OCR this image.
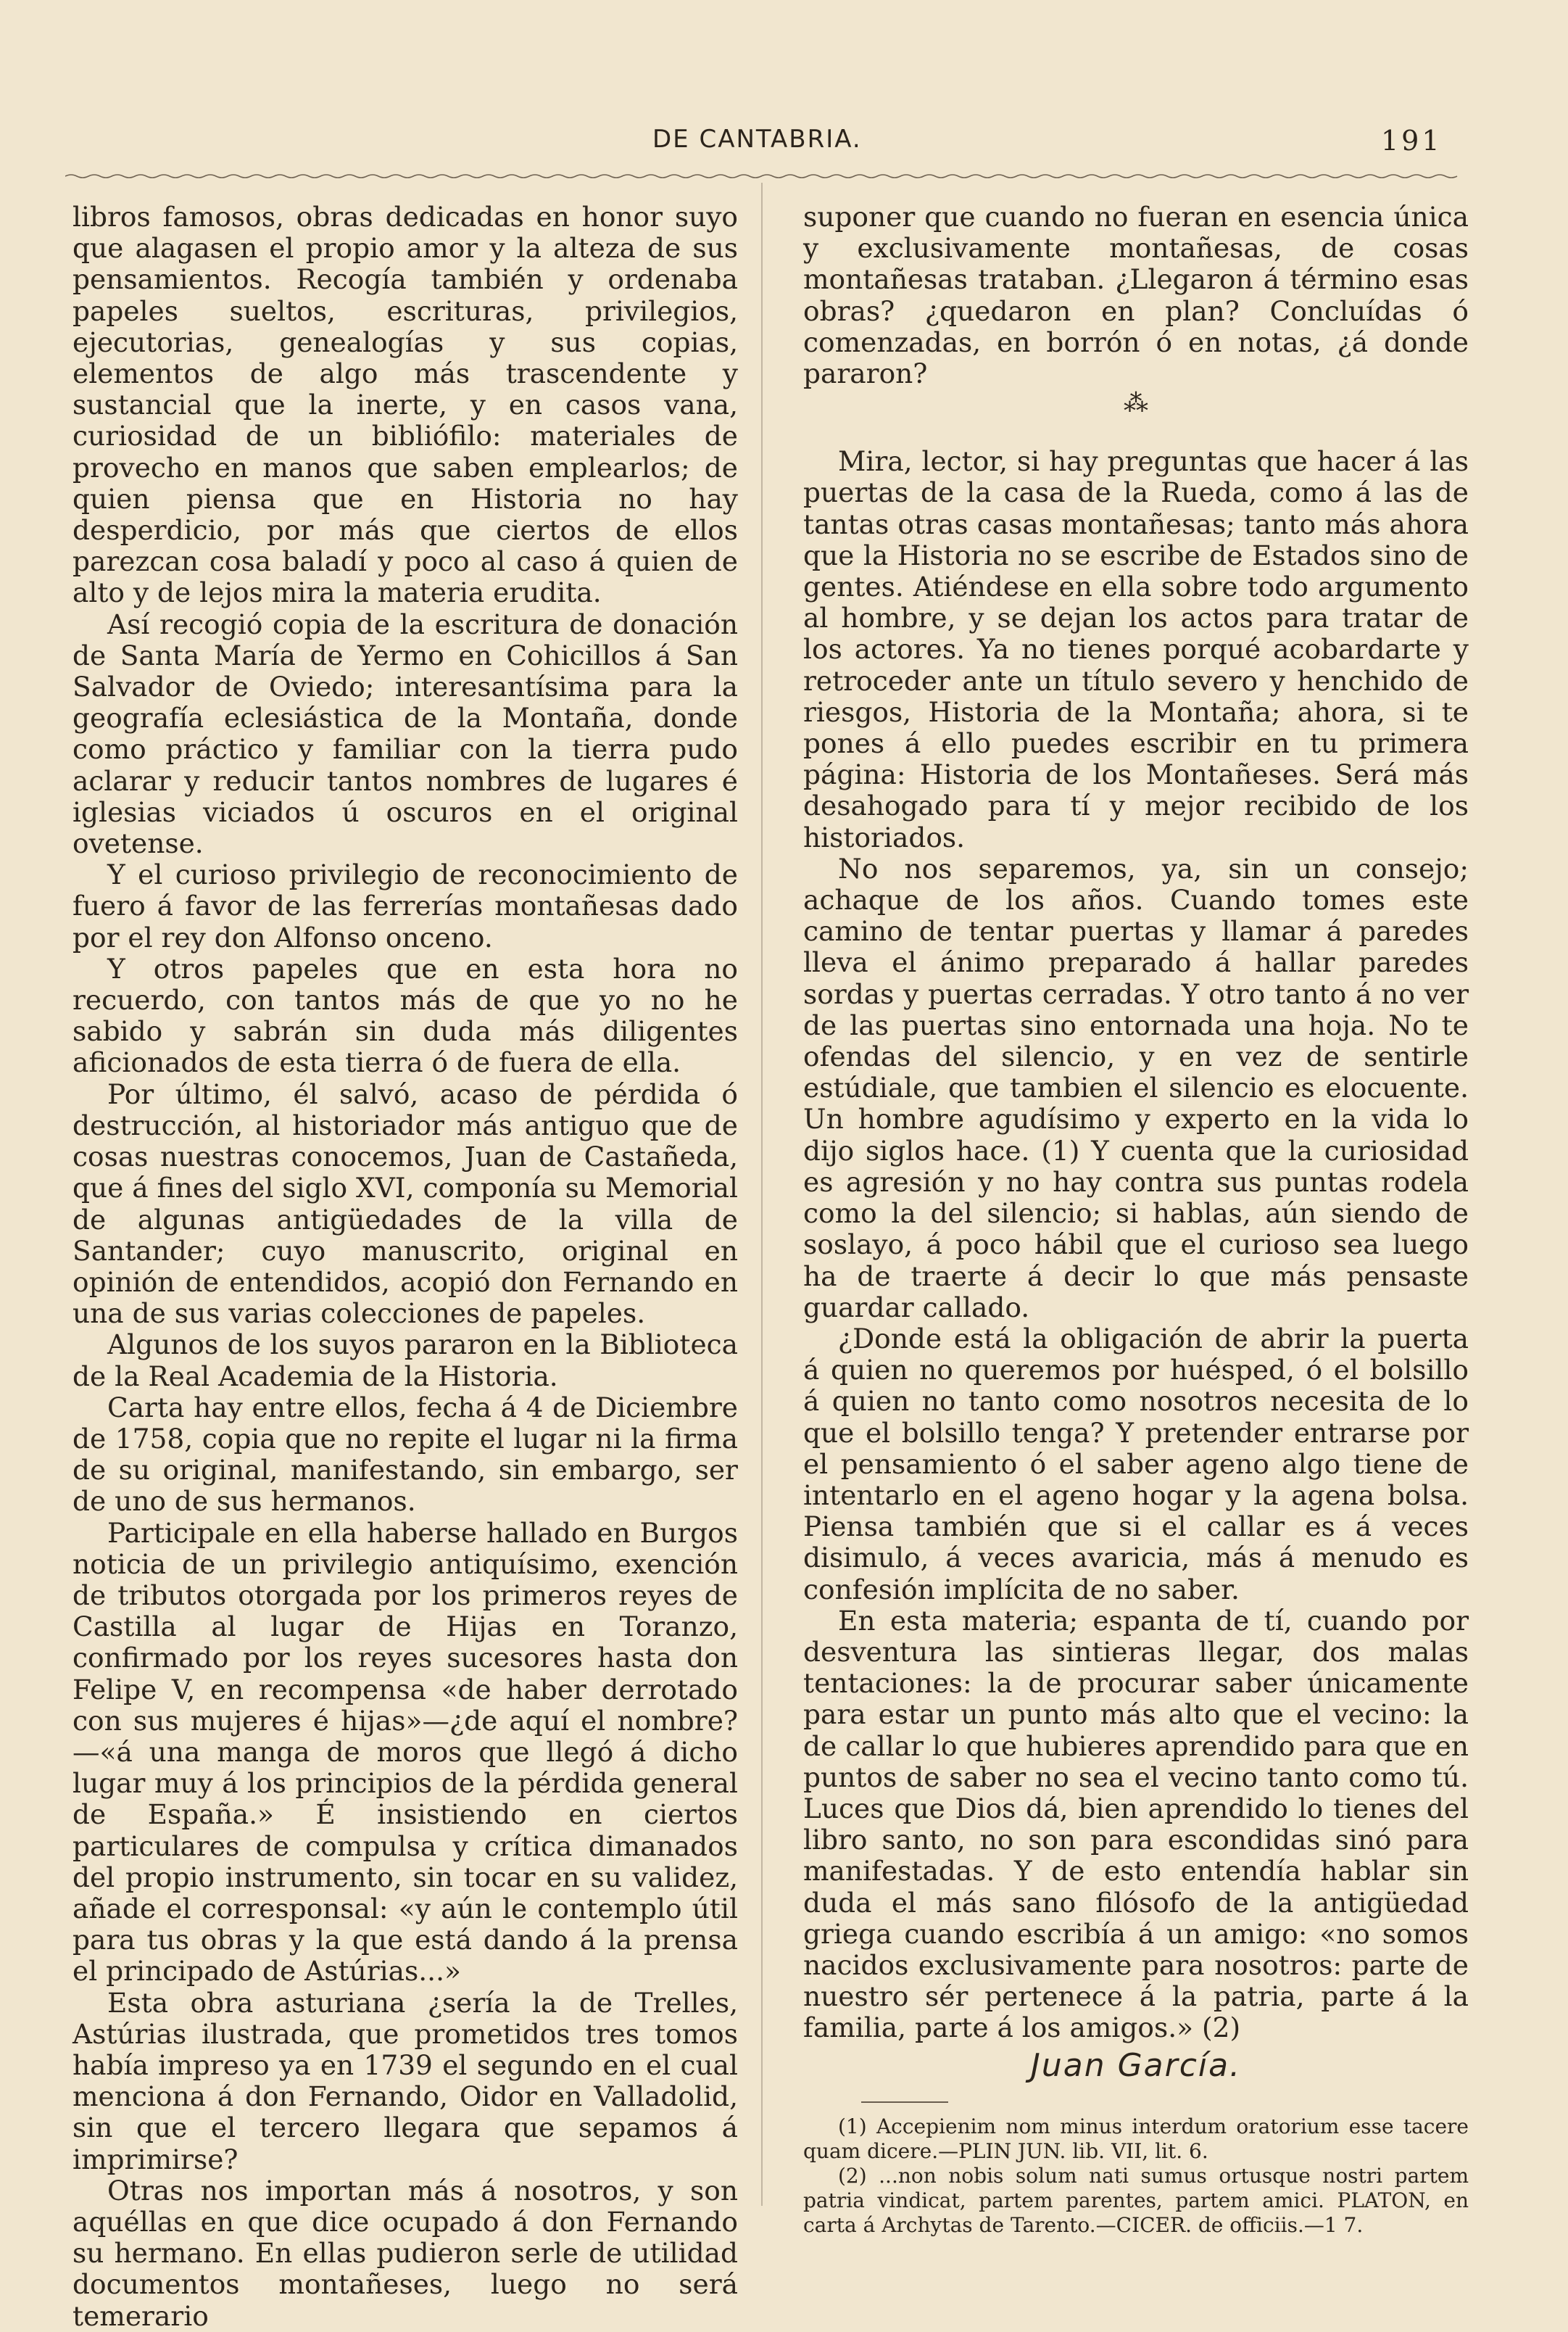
DE CANTABRIA.	191

libros famosos, obras dedicadas en honor suyo que alagasen el propio amor y la alteza de sus pensamientos. Recogía también y ordenaba papeles sueltos, escrituras, privilegios, ejecutorias, genealogías y sus copias, elementos de algo más trascendente y sustancial que la inerte, y en casos vana, curiosidad de un bibliófilo: materiales de provecho en manos que saben emplearlos; de quien piensa que en Historia no hay desperdicio, por más que ciertos de ellos parezcan cosa baladí y poco al caso á quien de alto y de lejos mira la materia erudita.

Así recogió copia de la escritura de donación de Santa María de Yermo en Cohicillos á San Salvador de Oviedo; interesantísima para la geografía eclesiástica de la Montaña, donde como práctico y familiar con la tierra pudo aclarar y reducir tantos nombres de lugares é iglesias viciados ú oscuros en el original ovetense.

Y el curioso privilegio de reconocimiento de fuero á favor de las ferrerías montañesas dado por el rey don Alfonso onceno.

Y otros papeles que en esta hora no recuerdo, con tantos más de que yo no he sabido y sabrán sin duda más diligentes aficionados de esta tierra ó de fuera de ella.

Por último, él salvó, acaso de pérdida ó destrucción, al historiador más antiguo que de cosas nuestras conocemos, Juan de Castañeda, que á fines del siglo XVI, componía su Memorial de algunas antigüedades de la villa de Santander; cuyo manuscrito, original en opinión de entendidos, acopió don Fernando en una de sus varias colecciones de papeles.

Algunos de los suyos pararon en la Biblioteca de la Real Academia de la Historia.

Carta hay entre ellos, fecha á 4 de Diciembre de 1758, copia que no repite el lugar ni la firma de su original, manifestando, sin embargo, ser de uno de sus hermanos.

Participale en ella haberse hallado en Burgos noticia de un privilegio antiquísimo, exención de tributos otorgada por los primeros reyes de Castilla al lugar de Hijas en Toranzo, confirmado por los reyes sucesores hasta don Felipe V, en recompensa «de haber derrotado con sus mujeres é hijas»—¿de aquí el nombre?—«á una manga de moros que llegó á dicho lugar muy á los principios de la pérdida general de España.» É insistiendo en ciertos particulares de compulsa y crítica dimanados del propio instrumento, sin tocar en su validez, añade el corresponsal: «y aún le contemplo útil para tus obras y la que está dando á la prensa el principado de Astúrias...»

Esta obra asturiana ¿sería la de Trelles, Astúrias ilustrada, que prometidos tres tomos había impreso ya en 1739 el segundo en el cual menciona á don Fernando, Oidor en Valladolid, sin que el tercero llegara que sepamos á imprimirse?

Otras nos importan más á nosotros, y son aquéllas en que dice ocupado á don Fernando su hermano. En ellas pudieron serle de utilidad documentos montañeses, luego no será temerario

suponer que cuando no fueran en esencia única y exclusivamente montañesas, de cosas montañesas trataban. ¿Llegaron á término esas obras? ¿quedaron en plan? Concluídas ó comenzadas, en borrón ó en notas, ¿á donde pararon?

⁂

Mira, lector, si hay preguntas que hacer á las puertas de la casa de la Rueda, como á las de tantas otras casas montañesas; tanto más ahora que la Historia no se escribe de Estados sino de gentes. Atiéndese en ella sobre todo argumento al hombre, y se dejan los actos para tratar de los actores. Ya no tienes porqué acobardarte y retroceder ante un título severo y henchido de riesgos, Historia de la Montaña; ahora, si te pones á ello puedes escribir en tu primera página: Historia de los Montañeses. Será más desahogado para tí y mejor recibido de los historiados.

No nos separemos, ya, sin un consejo; achaque de los años. Cuando tomes este camino de tentar puertas y llamar á paredes lleva el ánimo preparado á hallar paredes sordas y puertas cerradas. Y otro tanto á no ver de las puertas sino entornada una hoja. No te ofendas del silencio, y en vez de sentirle estúdiale, que tambien el silencio es elocuente. Un hombre agudísimo y experto en la vida lo dijo siglos hace. (1) Y cuenta que la curiosidad es agresión y no hay contra sus puntas rodela como la del silencio; si hablas, aún siendo de soslayo, á poco hábil que el curioso sea luego ha de traerte á decir lo que más pensaste guardar callado.

¿Donde está la obligación de abrir la puerta á quien no queremos por huésped, ó el bolsillo á quien no tanto como nosotros necesita de lo que el bolsillo tenga? Y pretender entrarse por el pensamiento ó el saber ageno algo tiene de intentarlo en el ageno hogar y la agena bolsa. Piensa también que si el callar es á veces disimulo, á veces avaricia, más á menudo es confesión implícita de no saber.

En esta materia; espanta de tí, cuando por desventura las sintieras llegar, dos malas tentaciones: la de procurar saber únicamente para estar un punto más alto que el vecino: la de callar lo que hubieres aprendido para que en puntos de saber no sea el vecino tanto como tú. Luces que Dios dá, bien aprendido lo tienes del libro santo, no son para escondidas sinó para manifestadas. Y de esto entendía hablar sin duda el más sano filósofo de la antigüedad griega cuando escribía á un amigo: «no somos nacidos exclusivamente para nosotros: parte de nuestro sér pertenece á la patria, parte á la familia, parte á los amigos.» (2)

Juan García.

(1) Accepienim nom minus interdum oratorium esse tacere quam dicere.—PLIN JUN. lib. VII, lit. 6.

(2) ...non nobis solum nati sumus ortusque nostri partem patria vindicat, partem parentes, partem amici. PLATON, en carta á Archytas de Tarento.—CICER. de officiis.—1 7.
